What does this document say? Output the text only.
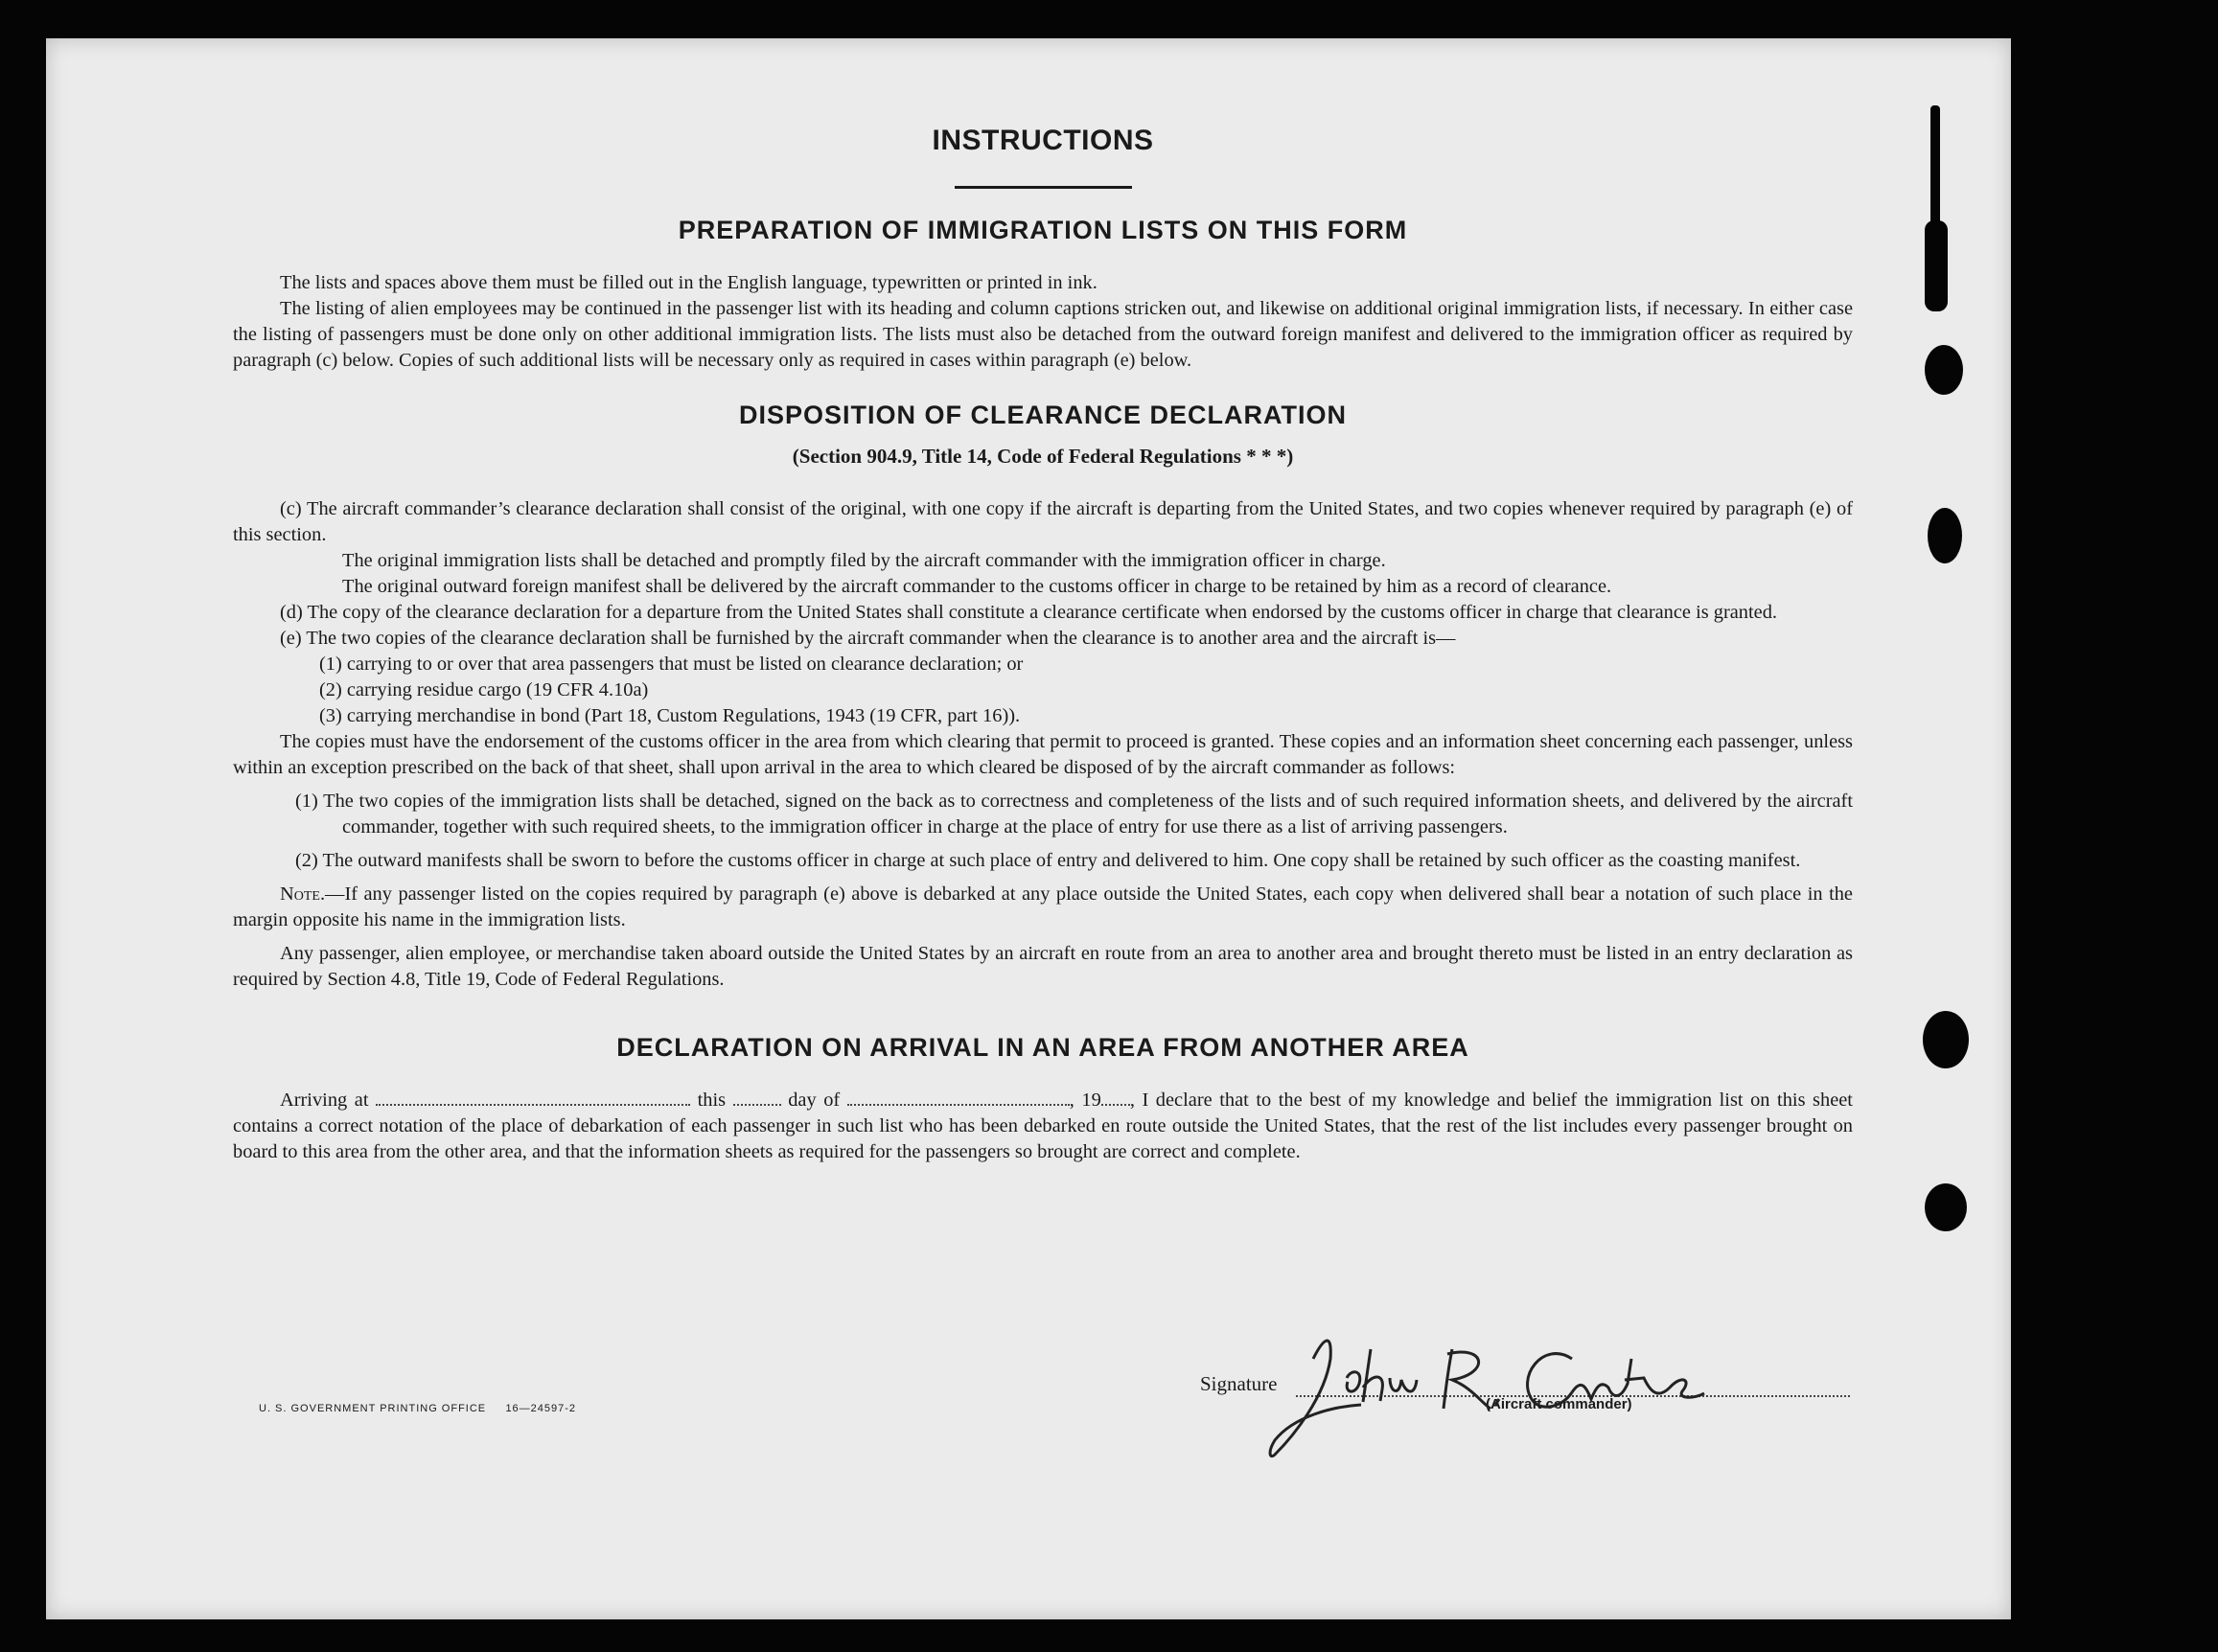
INSTRUCTIONS
PREPARATION OF IMMIGRATION LISTS ON THIS FORM

The lists and spaces above them must be filled out in the English language, typewritten or printed in ink.

The listing of alien employees may be continued in the passenger list with its heading and column captions stricken out, and likewise on additional original immigration lists, if necessary. In either case the listing of passengers must be done only on other additional immigration lists. The lists must also be detached from the outward foreign manifest and delivered to the immigration officer as required by paragraph (c) below. Copies of such additional lists will be necessary only as required in cases within paragraph (e) below.

DISPOSITION OF CLEARANCE DECLARATION

(Section 904.9, Title 14, Code of Federal Regulations * * *)

(c) The aircraft commander’s clearance declaration shall consist of the original, with one copy if the aircraft is departing from the United States, and two copies whenever required by paragraph (e) of this section.

The original immigration lists shall be detached and promptly filed by the aircraft commander with the immigration officer in charge.

The original outward foreign manifest shall be delivered by the aircraft commander to the customs officer in charge to be retained by him as a record of clearance.

(d) The copy of the clearance declaration for a departure from the United States shall constitute a clearance certificate when endorsed by the customs officer in charge that clearance is granted.

(e) The two copies of the clearance declaration shall be furnished by the aircraft commander when the clearance is to another area and the aircraft is—

(1) carrying to or over that area passengers that must be listed on clearance declaration; or

(2) carrying residue cargo (19 CFR 4.10a)

(3) carrying merchandise in bond (Part 18, Custom Regulations, 1943 (19 CFR, part 16)).

The copies must have the endorsement of the customs officer in the area from which clearing that permit to proceed is granted. These copies and an information sheet concerning each passenger, unless within an exception prescribed on the back of that sheet, shall upon arrival in the area to which cleared be disposed of by the aircraft commander as follows:

(1) The two copies of the immigration lists shall be detached, signed on the back as to correctness and completeness of the lists and of such required information sheets, and delivered by the aircraft commander, together with such required sheets, to the immigration officer in charge at the place of entry for use there as a list of arriving passengers.

(2) The outward manifests shall be sworn to before the customs officer in charge at such place of entry and delivered to him. One copy shall be retained by such officer as the coasting manifest.

Note.—If any passenger listed on the copies required by paragraph (e) above is debarked at any place outside the United States, each copy when delivered shall bear a notation of such place in the margin opposite his name in the immigration lists.

Any passenger, alien employee, or merchandise taken aboard outside the United States by an aircraft en route from an area to another area and brought thereto must be listed in an entry declaration as required by Section 4.8, Title 19, Code of Federal Regulations.

DECLARATION ON ARRIVAL IN AN AREA FROM ANOTHER AREA

Arriving at	this	day of	, 19 , I declare that to the best of my knowledge and belief the immigration list on this sheet contains a correct notation of the place of debarkation of each passenger in such list who has been debarked en route outside the United States, that the rest of the list includes every passenger brought on board to this area from the other area, and that the information sheets as required for the passengers so brought are correct and complete.

U. S. GOVERNMENT PRINTING OFFICE 16—24597-2
Signature
(Aircraft commander)
